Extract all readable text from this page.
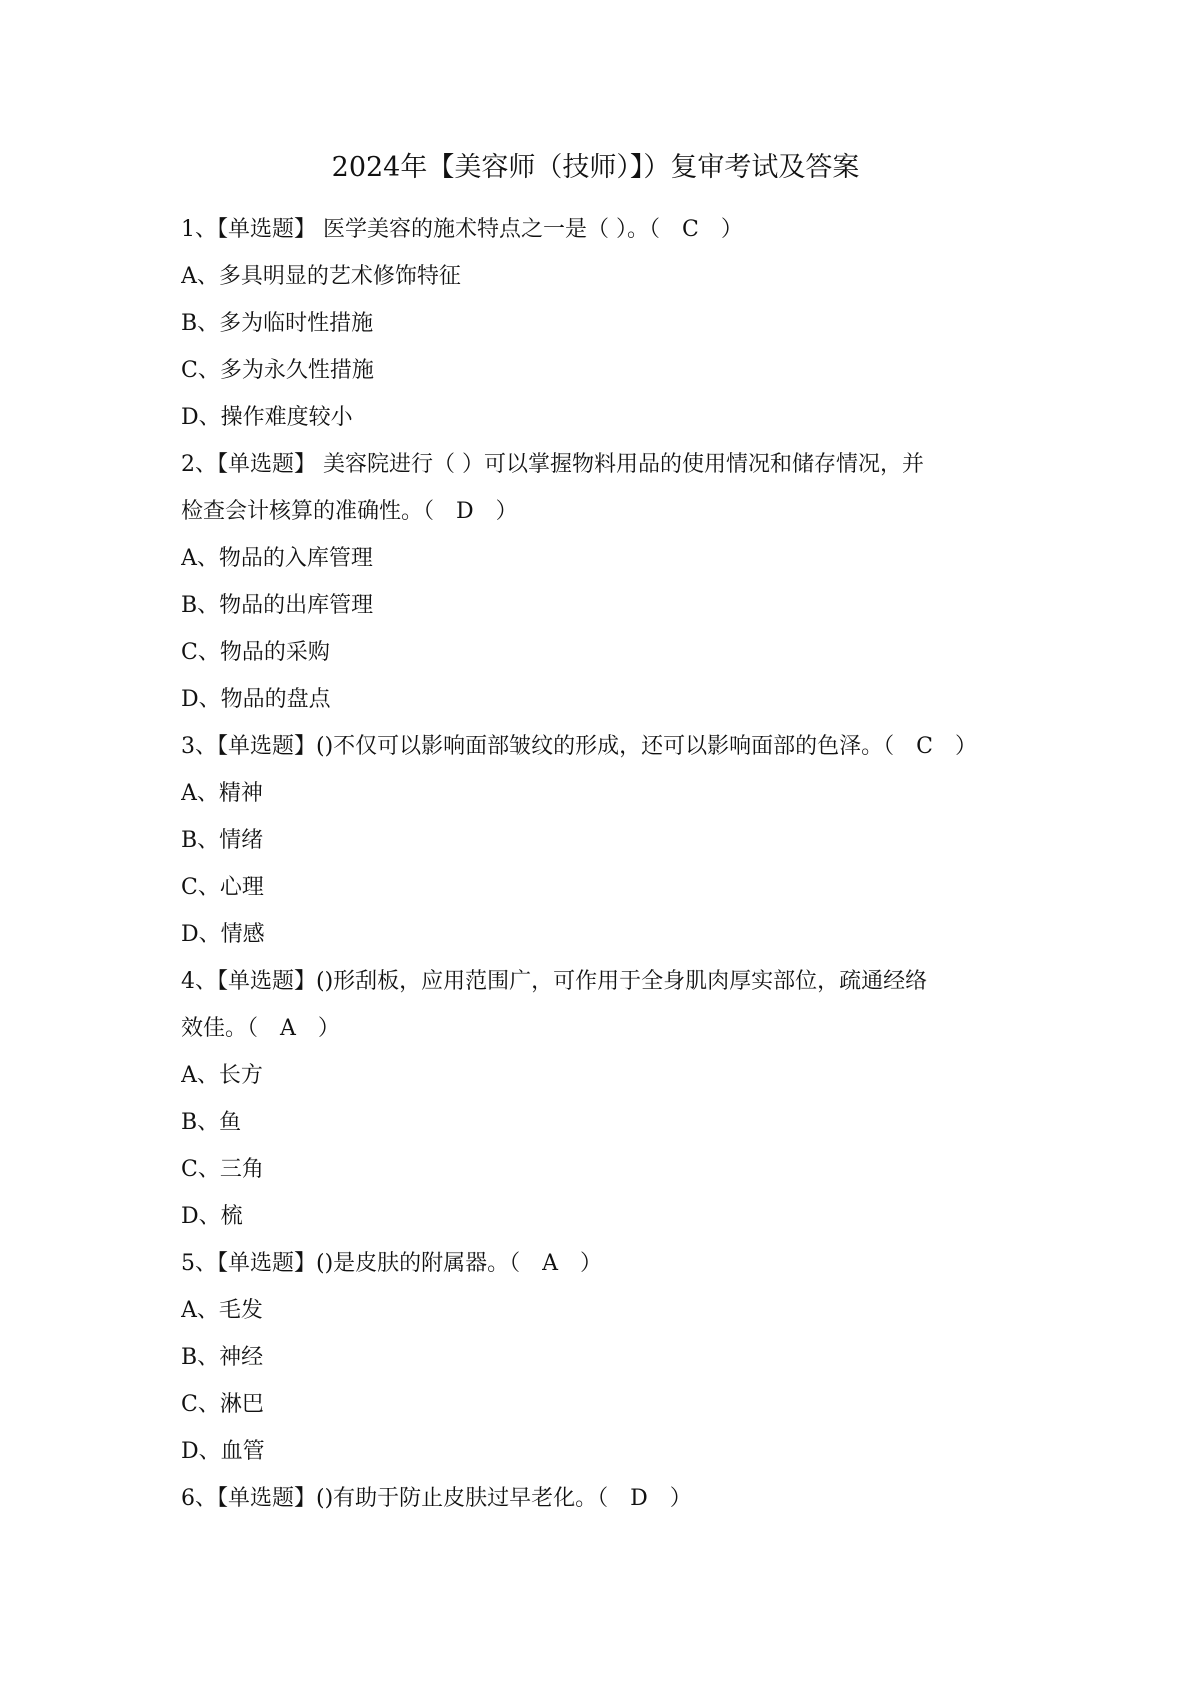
2024年【美容师（技师）】）复审考试及答案
1、【单选题】 医学美容的施术特点之一是（ ）。（　C　）
A、多具明显的艺术修饰特征
B、多为临时性措施
C、多为永久性措施
D、操作难度较小
2、【单选题】 美容院进行（ ）可以掌握物料用品的使用情况和储存情况，并
检查会计核算的准确性。（　D　）
A、物品的入库管理
B、物品的出库管理
C、物品的采购
D、物品的盘点
3、【单选题】()不仅可以影响面部皱纹的形成，还可以影响面部的色泽。（　C　）
A、精神
B、情绪
C、心理
D、情感
4、【单选题】()形刮板，应用范围广，可作用于全身肌肉厚实部位，疏通经络
效佳。（　A　）
A、长方
B、鱼
C、三角
D、梳
5、【单选题】()是皮肤的附属器。（　A　）
A、毛发
B、神经
C、淋巴
D、血管
6、【单选题】()有助于防止皮肤过早老化。（　D　）
